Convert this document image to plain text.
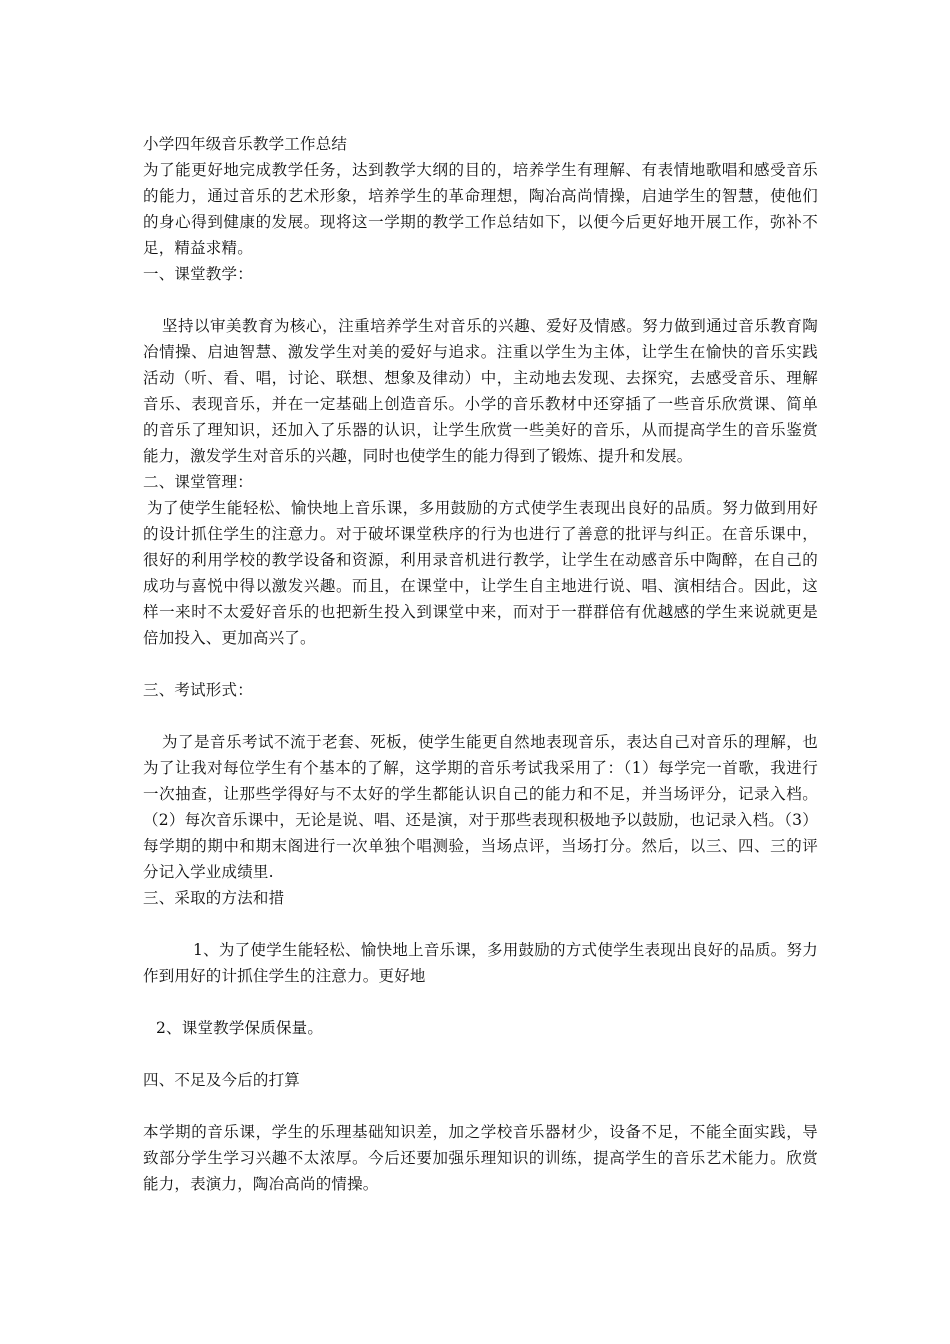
小学四年级音乐教学工作总结

为了能更好地完成教学任务，达到教学大纲的目的，培养学生有理解、有表情地歌唱和感受音乐的能力，通过音乐的艺术形象，培养学生的革命理想，陶冶高尚情操，启迪学生的智慧，使他们的身心得到健康的发展。现将这一学期的教学工作总结如下，以便今后更好地开展工作，弥补不足，精益求精。

一、课堂教学：

坚持以审美教育为核心，注重培养学生对音乐的兴趣、爱好及情感。努力做到通过音乐教育陶冶情操、启迪智慧、激发学生对美的爱好与追求。注重以学生为主体，让学生在愉快的音乐实践活动（听、看、唱，讨论、联想、想象及律动）中，主动地去发现、去探究，去感受音乐、理解音乐、表现音乐，并在一定基础上创造音乐。小学的音乐教材中还穿插了一些音乐欣赏课、简单的音乐了理知识，还加入了乐器的认识，让学生欣赏一些美好的音乐，从而提高学生的音乐鉴赏能力，激发学生对音乐的兴趣，同时也使学生的能力得到了锻炼、提升和发展。

二、课堂管理：

为了使学生能轻松、愉快地上音乐课，多用鼓励的方式使学生表现出良好的品质。努力做到用好的设计抓住学生的注意力。对于破坏课堂秩序的行为也进行了善意的批评与纠正。在音乐课中，很好的利用学校的教学设备和资源，利用录音机进行教学，让学生在动感音乐中陶醉，在自己的成功与喜悦中得以激发兴趣。而且，在课堂中，让学生自主地进行说、唱、演相结合。因此，这样一来时不太爱好音乐的也把新生投入到课堂中来，而对于一群群倍有优越感的学生来说就更是倍加投入、更加高兴了。

三、考试形式：

为了是音乐考试不流于老套、死板，使学生能更自然地表现音乐，表达自己对音乐的理解，也为了让我对每位学生有个基本的了解，这学期的音乐考试我采用了：（1）每学完一首歌，我进行一次抽查，让那些学得好与不太好的学生都能认识自己的能力和不足，并当场评分，记录入档。（2）每次音乐课中，无论是说、唱、还是演，对于那些表现积极地予以鼓励，也记录入档。（3）每学期的期中和期末阁进行一次单独个唱测验，当场点评，当场打分。然后，以三、四、三的评分记入学业成绩里.

三、采取的方法和措

1、为了使学生能轻松、愉快地上音乐课，多用鼓励的方式使学生表现出良好的品质。努力作到用好的计抓住学生的注意力。更好地

2、课堂教学保质保量。

四、不足及今后的打算

本学期的音乐课，学生的乐理基础知识差，加之学校音乐器材少，设备不足，不能全面实践，导致部分学生学习兴趣不太浓厚。今后还要加强乐理知识的训练，提高学生的音乐艺术能力。欣赏能力，表演力，陶冶高尚的情操。
